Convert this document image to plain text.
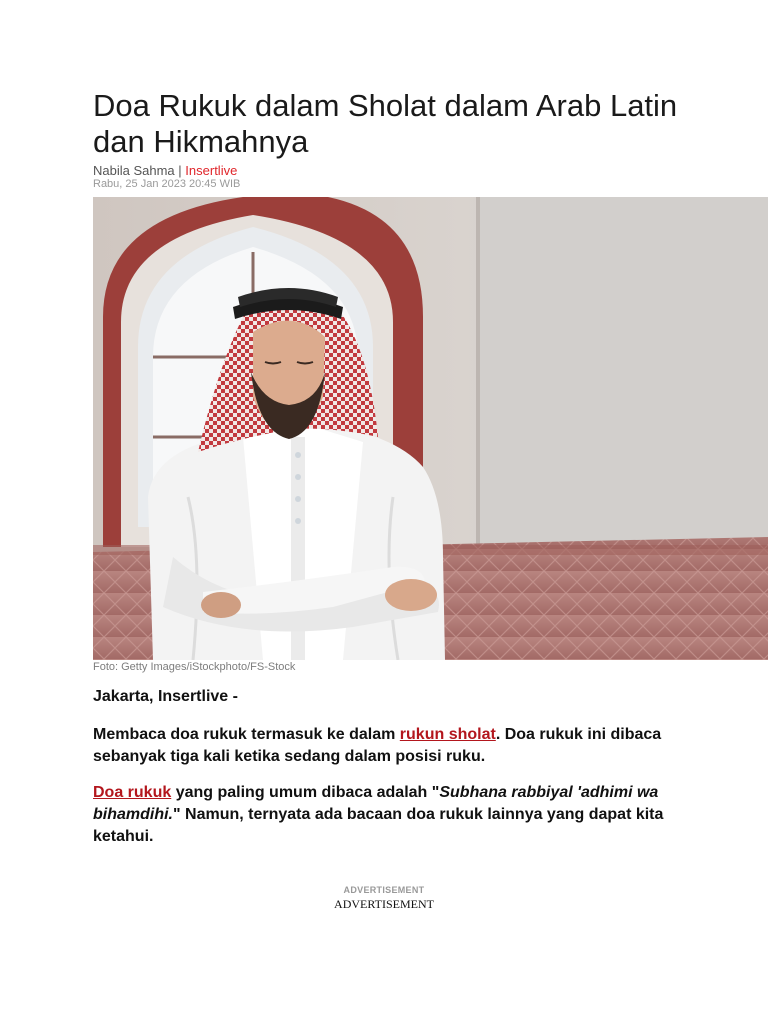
Doa Rukuk dalam Sholat dalam Arab Latin dan Hikmahnya
Nabila Sahma | Insertlive
Rabu, 25 Jan 2023 20:45 WIB
Foto: Getty Images/iStockphoto/FS-Stock

Jakarta, Insertlive -

Membaca doa rukuk termasuk ke dalam rukun sholat. Doa rukuk ini dibaca sebanyak tiga kali ketika sedang dalam posisi ruku.

Doa rukuk yang paling umum dibaca adalah "Subhana rabbiyal 'adhimi wa bihamdihi." Namun, ternyata ada bacaan doa rukuk lainnya yang dapat kita ketahui.

ADVERTISEMENT
ADVERTISEMENT
